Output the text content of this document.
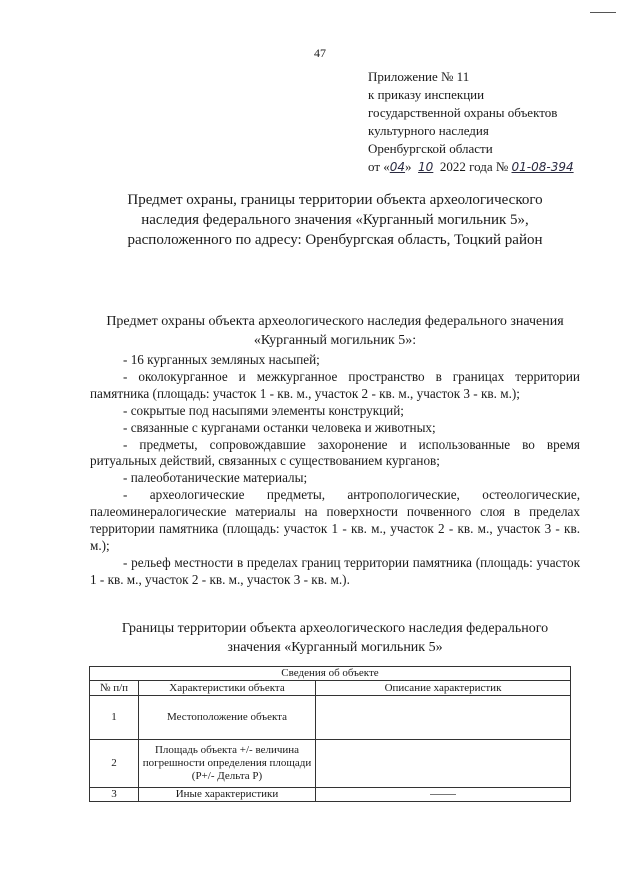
47
Приложение № 11
к приказу инспекции
государственной охраны объектов
культурного наследия
Оренбургской области
от «04» 10 2022 года № 01-08-394
Предмет охраны, границы территории объекта археологического наследия федерального значения «Курганный могильник 5», расположенного по адресу: Оренбургская область, Тоцкий район
Предмет охраны объекта археологического наследия федерального значения «Курганный могильник 5»:

- 16 курганных земляных насыпей;

- околокурганное и межкурганное пространство в границах территории памятника (площадь: участок 1 - кв. м., участок 2 - кв. м., участок 3 - кв. м.);

- сокрытые под насыпями элементы конструкций;

- связанные с курганами останки человека и животных;

- предметы, сопровождавшие захоронение и использованные во время ритуальных действий, связанных с существованием курганов;

- палеоботанические материалы;

- археологические предметы, антропологические, остеологические, палеоминералогические материалы на поверхности почвенного слоя в пределах территории памятника (площадь: участок 1 - кв. м., участок 2 - кв. м., участок 3 - кв. м.);

- рельеф местности в пределах границ территории памятника (площадь: участок 1 - кв. м., участок 2 - кв. м., участок 3 - кв. м.).

Границы территории объекта археологического наследия федерального значения «Курганный могильник 5»
Сведения об объекте		
№ п/п	Характеристики объекта	Описание характеристик
1	Местоположение объекта	
2	Площадь объекта +/- величина погрешности определения площади (Р+/- Дельта Р)	
3	Иные характеристики	
